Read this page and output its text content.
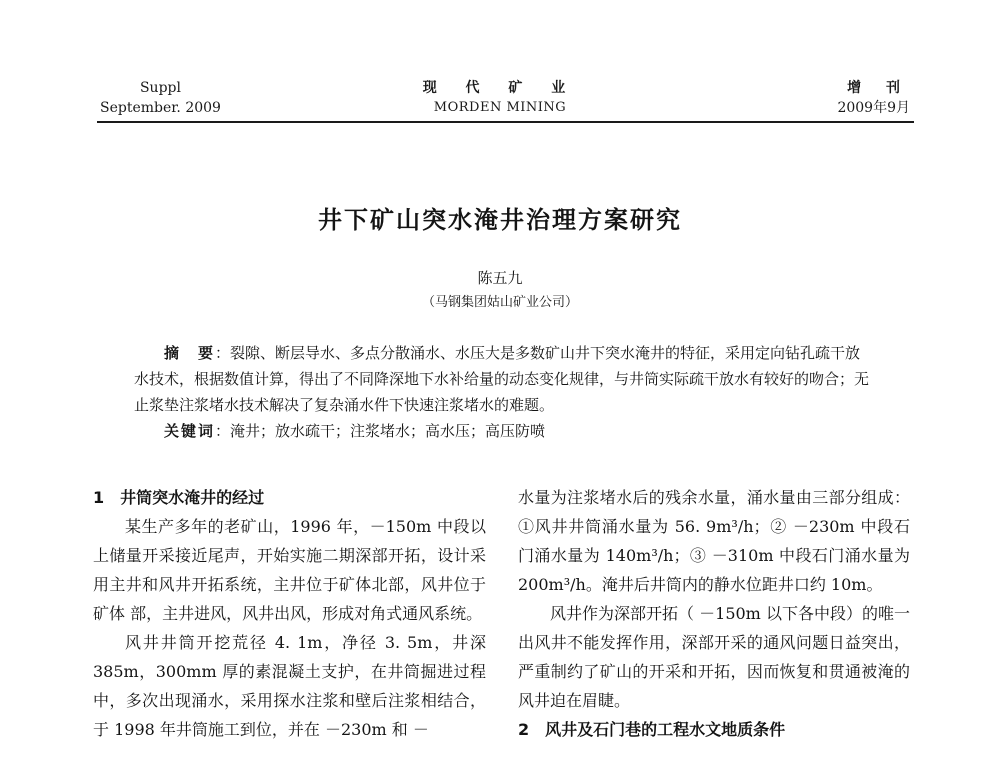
Suppl
September. 2009
现 代 矿 业
MORDEN MINING
增 刊
2009年9月
井下矿山突水淹井治理方案研究
陈五九
（马钢集团姑山矿业公司）
摘　要：裂隙、断层导水、多点分散涌水、水压大是多数矿山井下突水淹井的特征，采用定向钻孔疏干放水技术，根据数值计算，得出了不同降深地下水补给量的动态变化规律，与井筒实际疏干放水有较好的吻合；无止浆垫注浆堵水技术解决了复杂涌水件下快速注浆堵水的难题。
关键词：淹井；放水疏干；注浆堵水；高水压；高压防喷
1　井筒突水淹井的经过

某生产多年的老矿山，1996 年，－150m 中段以上储量开采接近尾声，开始实施二期深部开拓，设计采用主井和风井开拓系统，主井位于矿体北部，风井位于矿体 部，主井进风，风井出风，形成对角式通风系统。

风井井筒开挖荒径 4. 1m，净径 3. 5m，井深 385m，300mm 厚的素混凝土支护，在井筒掘进过程中，多次出现涌水，采用探水注浆和壁后注浆相结合，于 1998 年井筒施工到位，并在 －230m 和 －

水量为注浆堵水后的残余水量，涌水量由三部分组成：①风井井筒涌水量为 56. 9m³/h；② －230m 中段石门涌水量为 140m³/h；③ －310m 中段石门涌水量为 200m³/h。淹井后井筒内的静水位距井口约 10m。

风井作为深部开拓（ －150m 以下各中段）的唯一出风井不能发挥作用，深部开采的通风问题日益突出，严重制约了矿山的开采和开拓，因而恢复和贯通被淹的风井迫在眉睫。

2　风井及石门巷的工程水文地质条件
